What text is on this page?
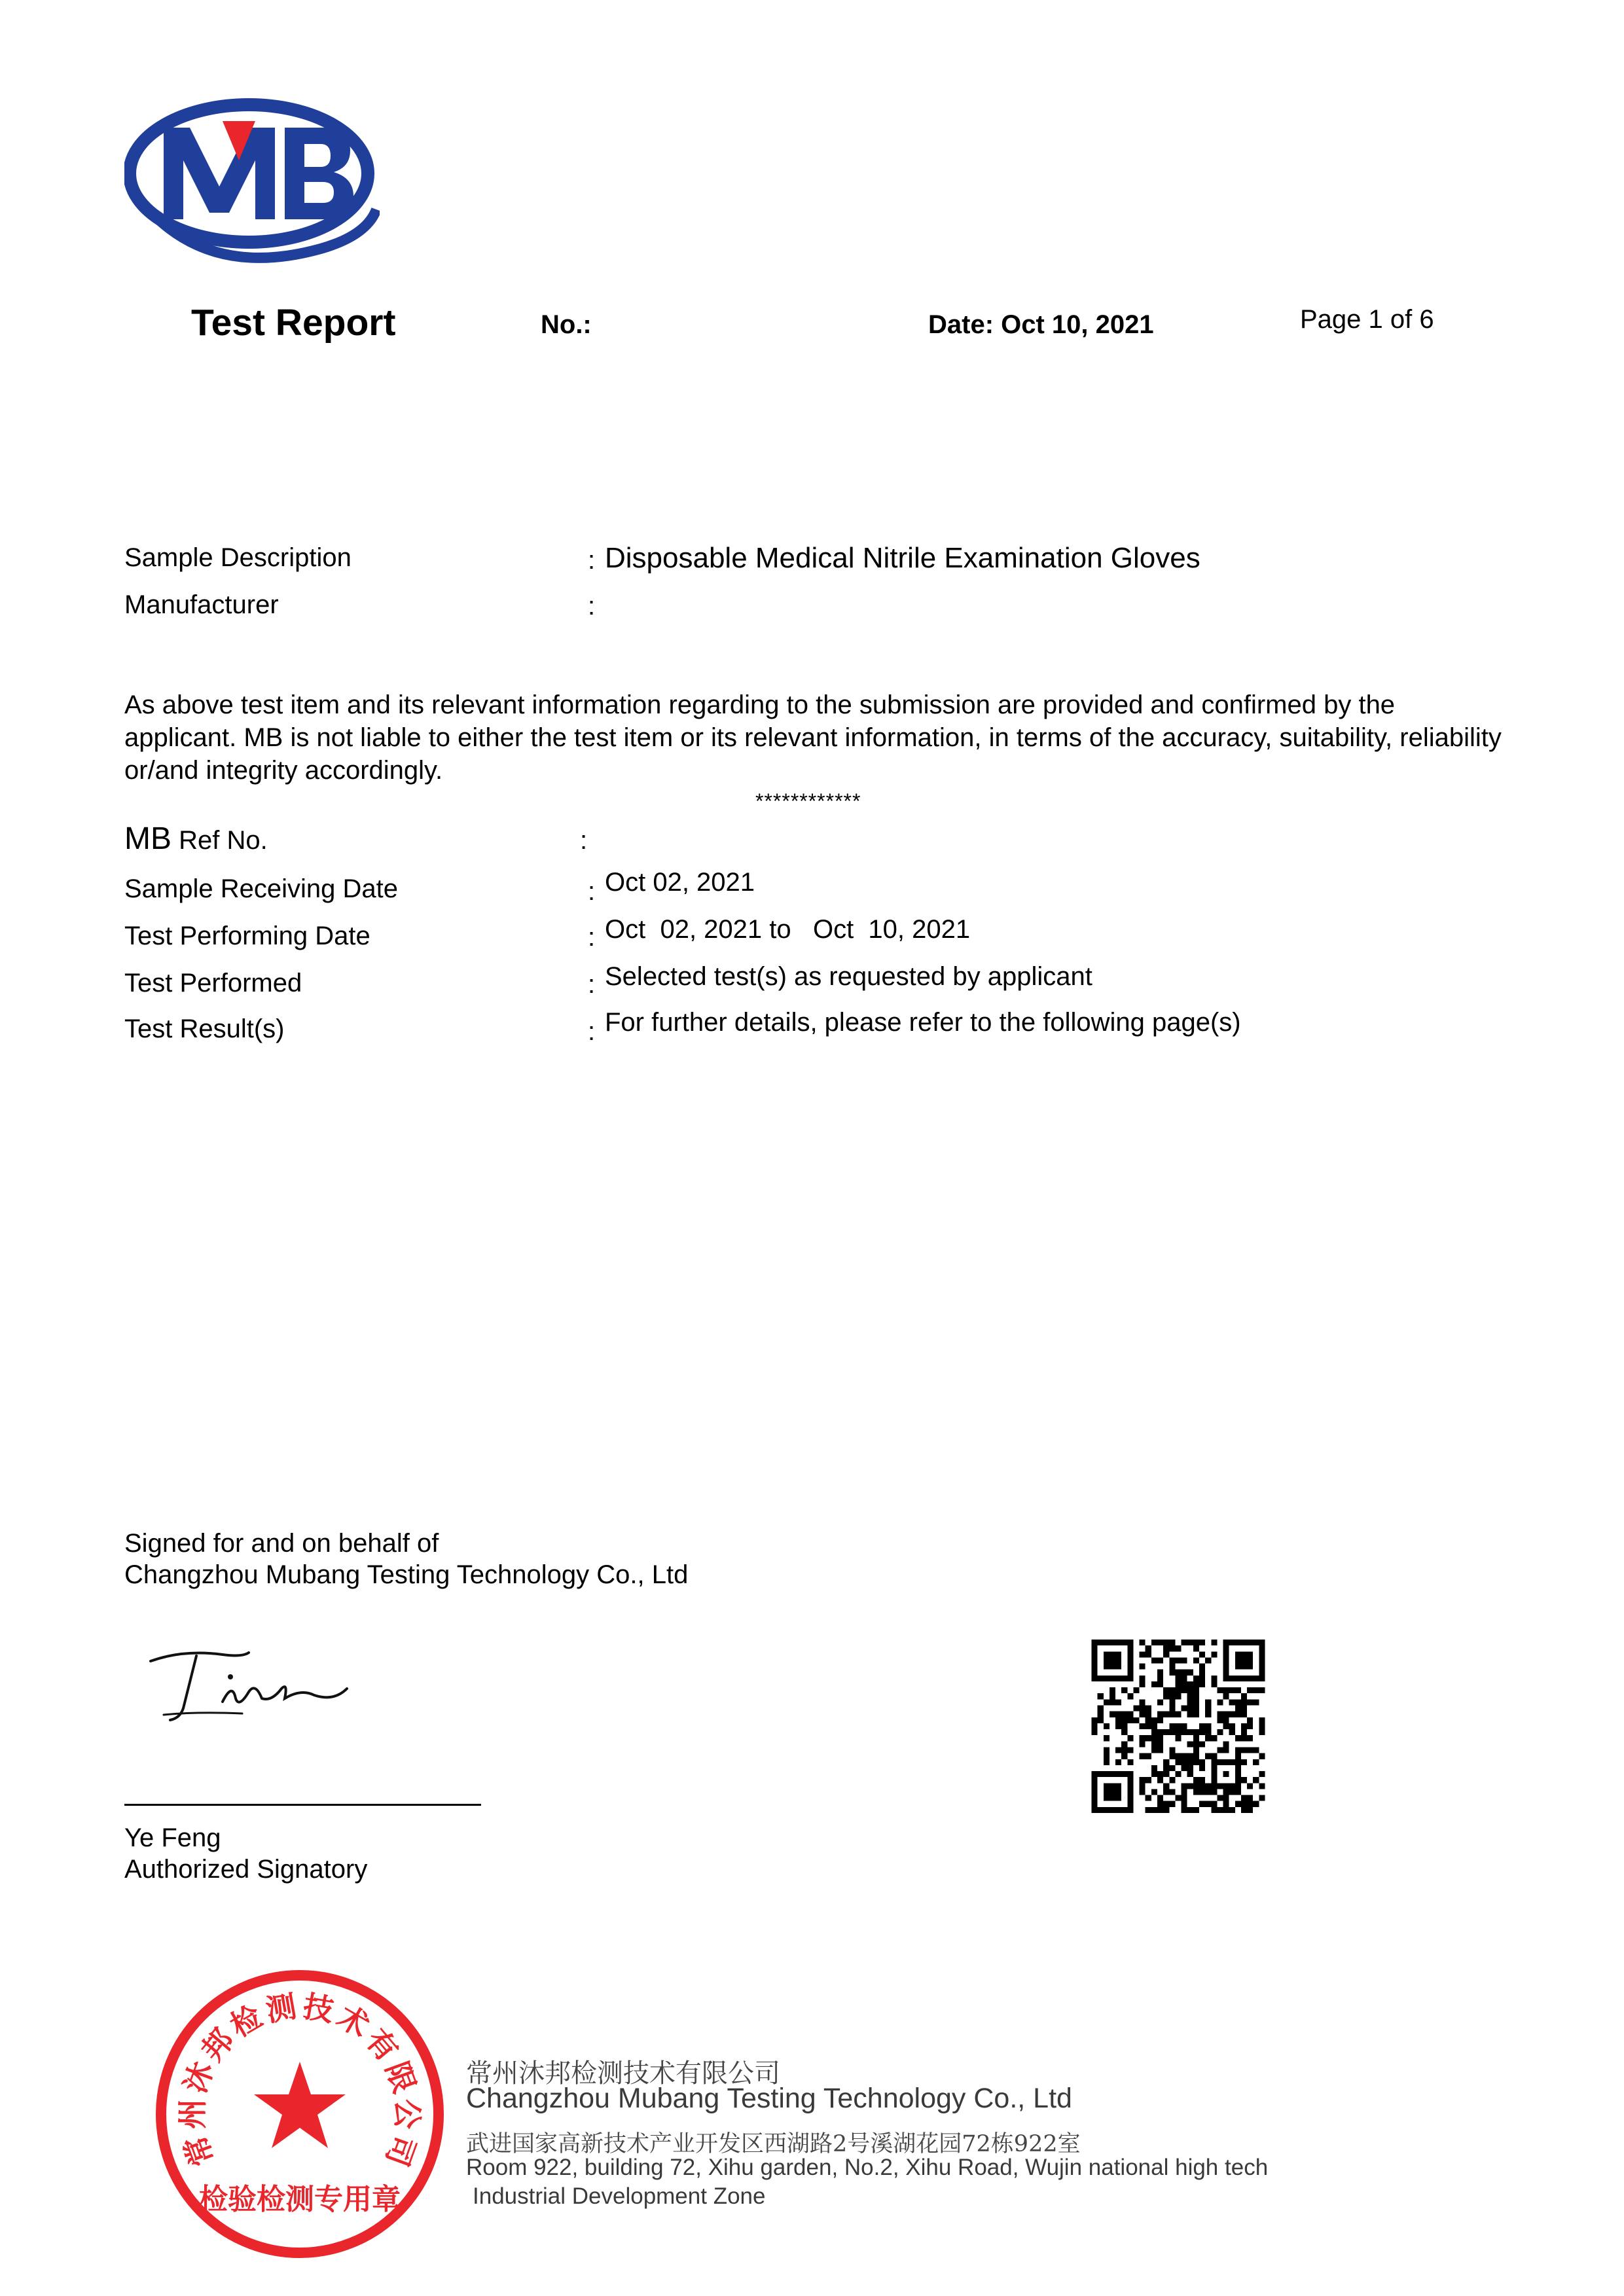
Test Report	No.:	Date: Oct 10, 2021	Page 1 of 6
Sample Description	: Disposable Medical Nitrile Examination Gloves
Manufacturer	:
As above test item and its relevant information regarding to the submission are provided and confirmed by the applicant. MB is not liable to either the test item or its relevant information, in terms of the accuracy, suitability, reliability or/and integrity accordingly.
************
MB Ref No.	:
Sample Receiving Date	: Oct 02, 2021
Test Performing Date	: Oct  02, 2021 to   Oct  10, 2021
Test Performed	: Selected test(s) as requested by applicant
Test Result(s)	: For further details, please refer to the following page(s)
Signed for and on behalf of
Changzhou Mubang Testing Technology Co., Ltd
Ye Feng
Authorized Signatory
常
州
沐
邦
检
测 技
术
有
限
公
司
检验检测专用章
常州沐邦检测技术有限公司
Changzhou Mubang Testing Technology Co., Ltd
武进国家高新技术产业开发区西湖路2号溪湖花园72栋922室
Room 922, building 72, Xihu garden, No.2, Xihu Road, Wujin national high tech
Industrial Development Zone
